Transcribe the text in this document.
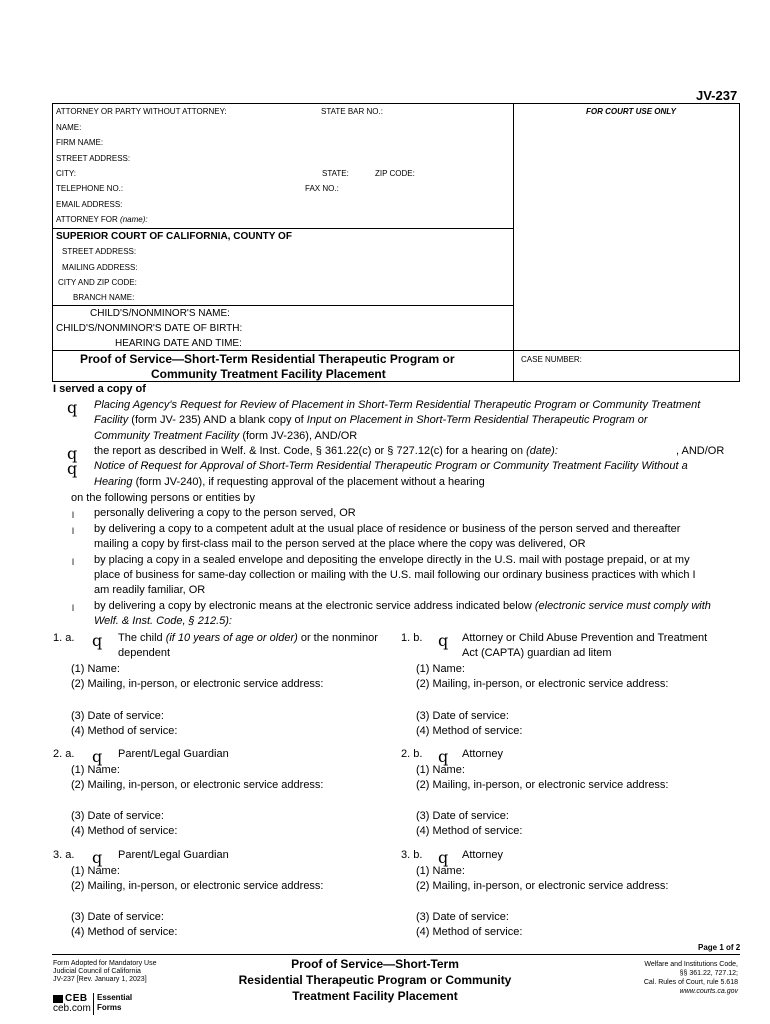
JV-237
ATTORNEY OR PARTY WITHOUT ATTORNEY:	STATE BAR NO.:	FOR COURT USE ONLY
NAME:
FIRM NAME:
STREET ADDRESS:
CITY:	STATE:	ZIP CODE:
TELEPHONE NO.:	FAX NO.:
EMAIL ADDRESS:
ATTORNEY FOR (name):
SUPERIOR COURT OF CALIFORNIA, COUNTY OF
STREET ADDRESS:
MAILING ADDRESS:
CITY AND ZIP CODE:
BRANCH NAME:
CHILD'S/NONMINOR'S NAME:
CHILD'S/NONMINOR'S DATE OF BIRTH:
HEARING DATE AND TIME:
Proof of Service—Short-Term Residential Therapeutic Program or
Community Treatment Facility Placement
CASE NUMBER:
I served a copy of
q Placing Agency's Request for Review of Placement in Short-Term Residential Therapeutic Program or Community Treatment
Facility (form JV- 235) AND a blank copy of Input on Placement in Short-Term Residential Therapeutic Program or
Community Treatment Facility (form JV-236), AND/OR
q the report as described in Welf. & Inst. Code, § 361.22(c) or § 727.12(c) for a hearing on (date):	, AND/OR
q Notice of Request for Approval of Short-Term Residential Therapeutic Program or Community Treatment Facility Without a
Hearing (form JV-240), if requesting approval of the placement without a hearing
on the following persons or entities by
l personally delivering a copy to the person served, OR
l by delivering a copy to a competent adult at the usual place of residence or business of the person served and thereafter
mailing a copy by first-class mail to the person served at the place where the copy was delivered, OR
l by placing a copy in a sealed envelope and depositing the envelope directly in the U.S. mail with postage prepaid, or at my
place of business for same-day collection or mailing with the U.S. mail following our ordinary business practices with which I
am readily familiar, OR
l by delivering a copy by electronic means at the electronic service address indicated below (electronic service must comply with
Welf. & Inst. Code, § 212.5):
1. a. q The child (if 10 years of age or older) or the nonminor
dependent
(1) Name:
(2) Mailing, in-person, or electronic service address:
(3) Date of service:
(4) Method of service:
1. b. q Attorney or Child Abuse Prevention and Treatment
Act (CAPTA) guardian ad litem
(1) Name:
(2) Mailing, in-person, or electronic service address:
(3) Date of service:
(4) Method of service:
2. a. q Parent/Legal Guardian
(1) Name:
(2) Mailing, in-person, or electronic service address:
(3) Date of service:
(4) Method of service:
2. b. q Attorney
(1) Name:
(2) Mailing, in-person, or electronic service address:
(3) Date of service:
(4) Method of service:
3. a. q Parent/Legal Guardian
(1) Name:
(2) Mailing, in-person, or electronic service address:
(3) Date of service:
(4) Method of service:
3. b. q Attorney
(1) Name:
(2) Mailing, in-person, or electronic service address:
(3) Date of service:
(4) Method of service:
Page 1 of 2
Form Adopted for Mandatory Use
Judicial Council of California
JV-237 [Rev. January 1, 2023]
Proof of Service—Short-Term
Residential Therapeutic Program or Community
Treatment Facility Placement
Welfare and Institutions Code,
§§ 361.22, 727.12;
Cal. Rules of Court, rule 5.618
www.courts.ca.gov
CEB Essential
Forms
ceb.com
